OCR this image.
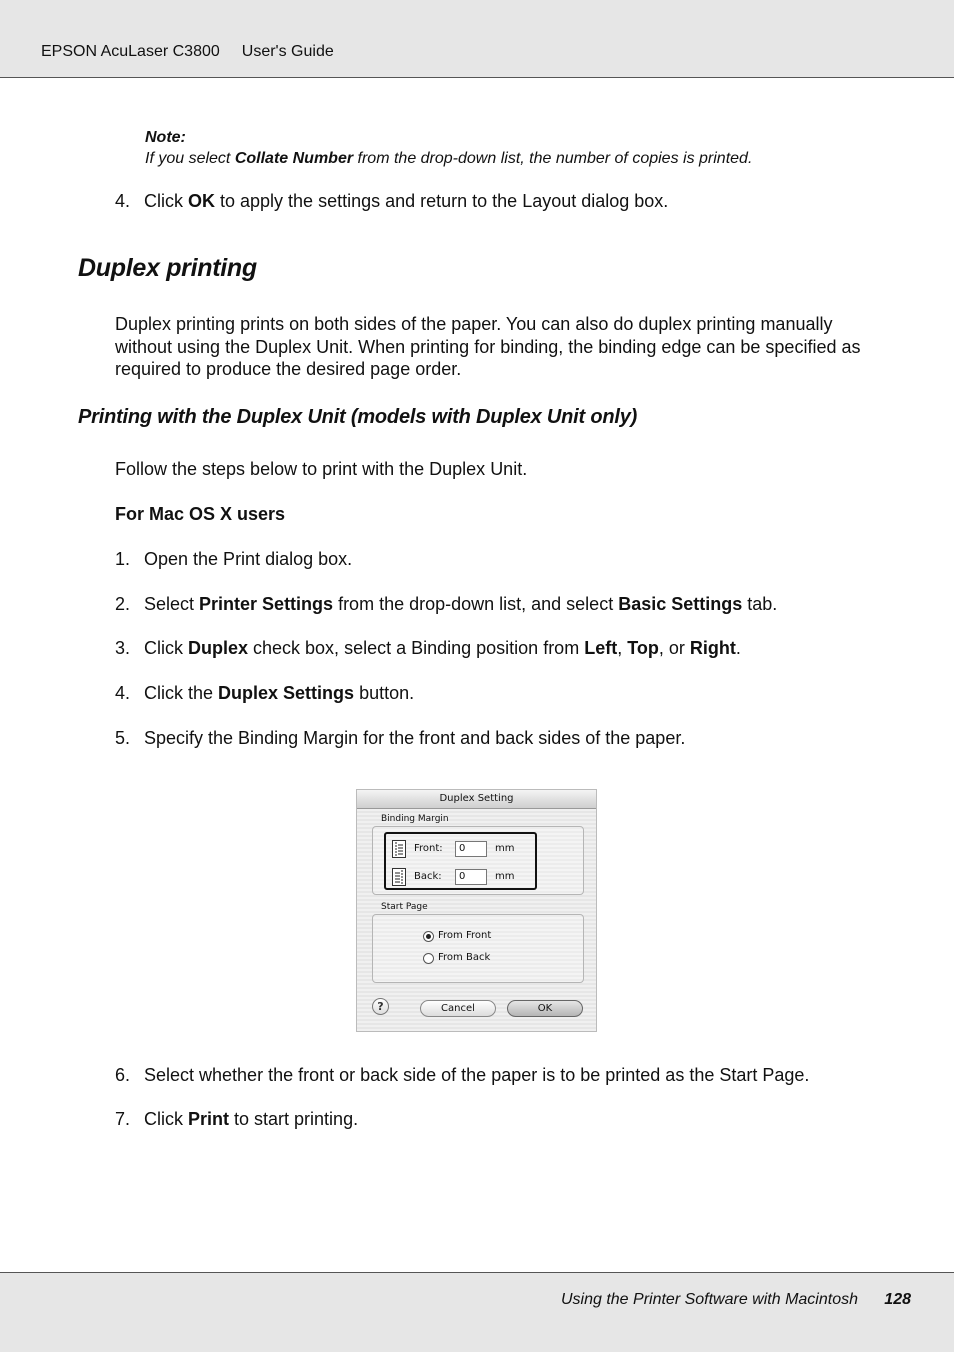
EPSON AcuLaser C3800 User's Guide
Note:
If you select Collate Number from the drop-down list, the number of copies is printed.
4. Click OK to apply the settings and return to the Layout dialog box.
Duplex printing
Duplex printing prints on both sides of the paper. You can also do duplex printing manually without using the Duplex Unit. When printing for binding, the binding edge can be specified as required to produce the desired page order.
Printing with the Duplex Unit (models with Duplex Unit only)
Follow the steps below to print with the Duplex Unit.
For Mac OS X users
1. Open the Print dialog box.
2. Select Printer Settings from the drop-down list, and select Basic Settings tab.
3. Click Duplex check box, select a Binding position from Left, Top, or Right.
4. Click the Duplex Settings button.
5. Specify the Binding Margin for the front and back sides of the paper.
Duplex Setting
Binding Margin
Front:	0	mm
Back:	0	mm
Start Page
From Front
From Back
?	Cancel	OK
6. Select whether the front or back side of the paper is to be printed as the Start Page.
7. Click Print to start printing.
Using the Printer Software with Macintosh 128
